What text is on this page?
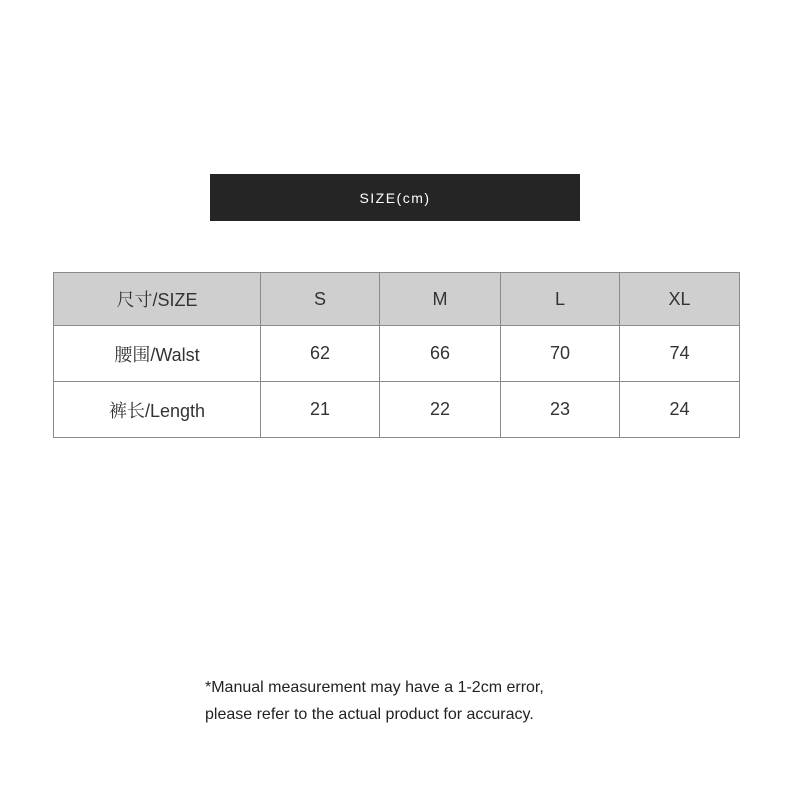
SIZE(cm)
尺寸/SIZE	S	M	L	XL
腰围/Walst	62	66	70	74
裤长/Length	21	22	23	24
*Manual measurement may have a 1-2cm error,
please refer to the actual product for accuracy.
